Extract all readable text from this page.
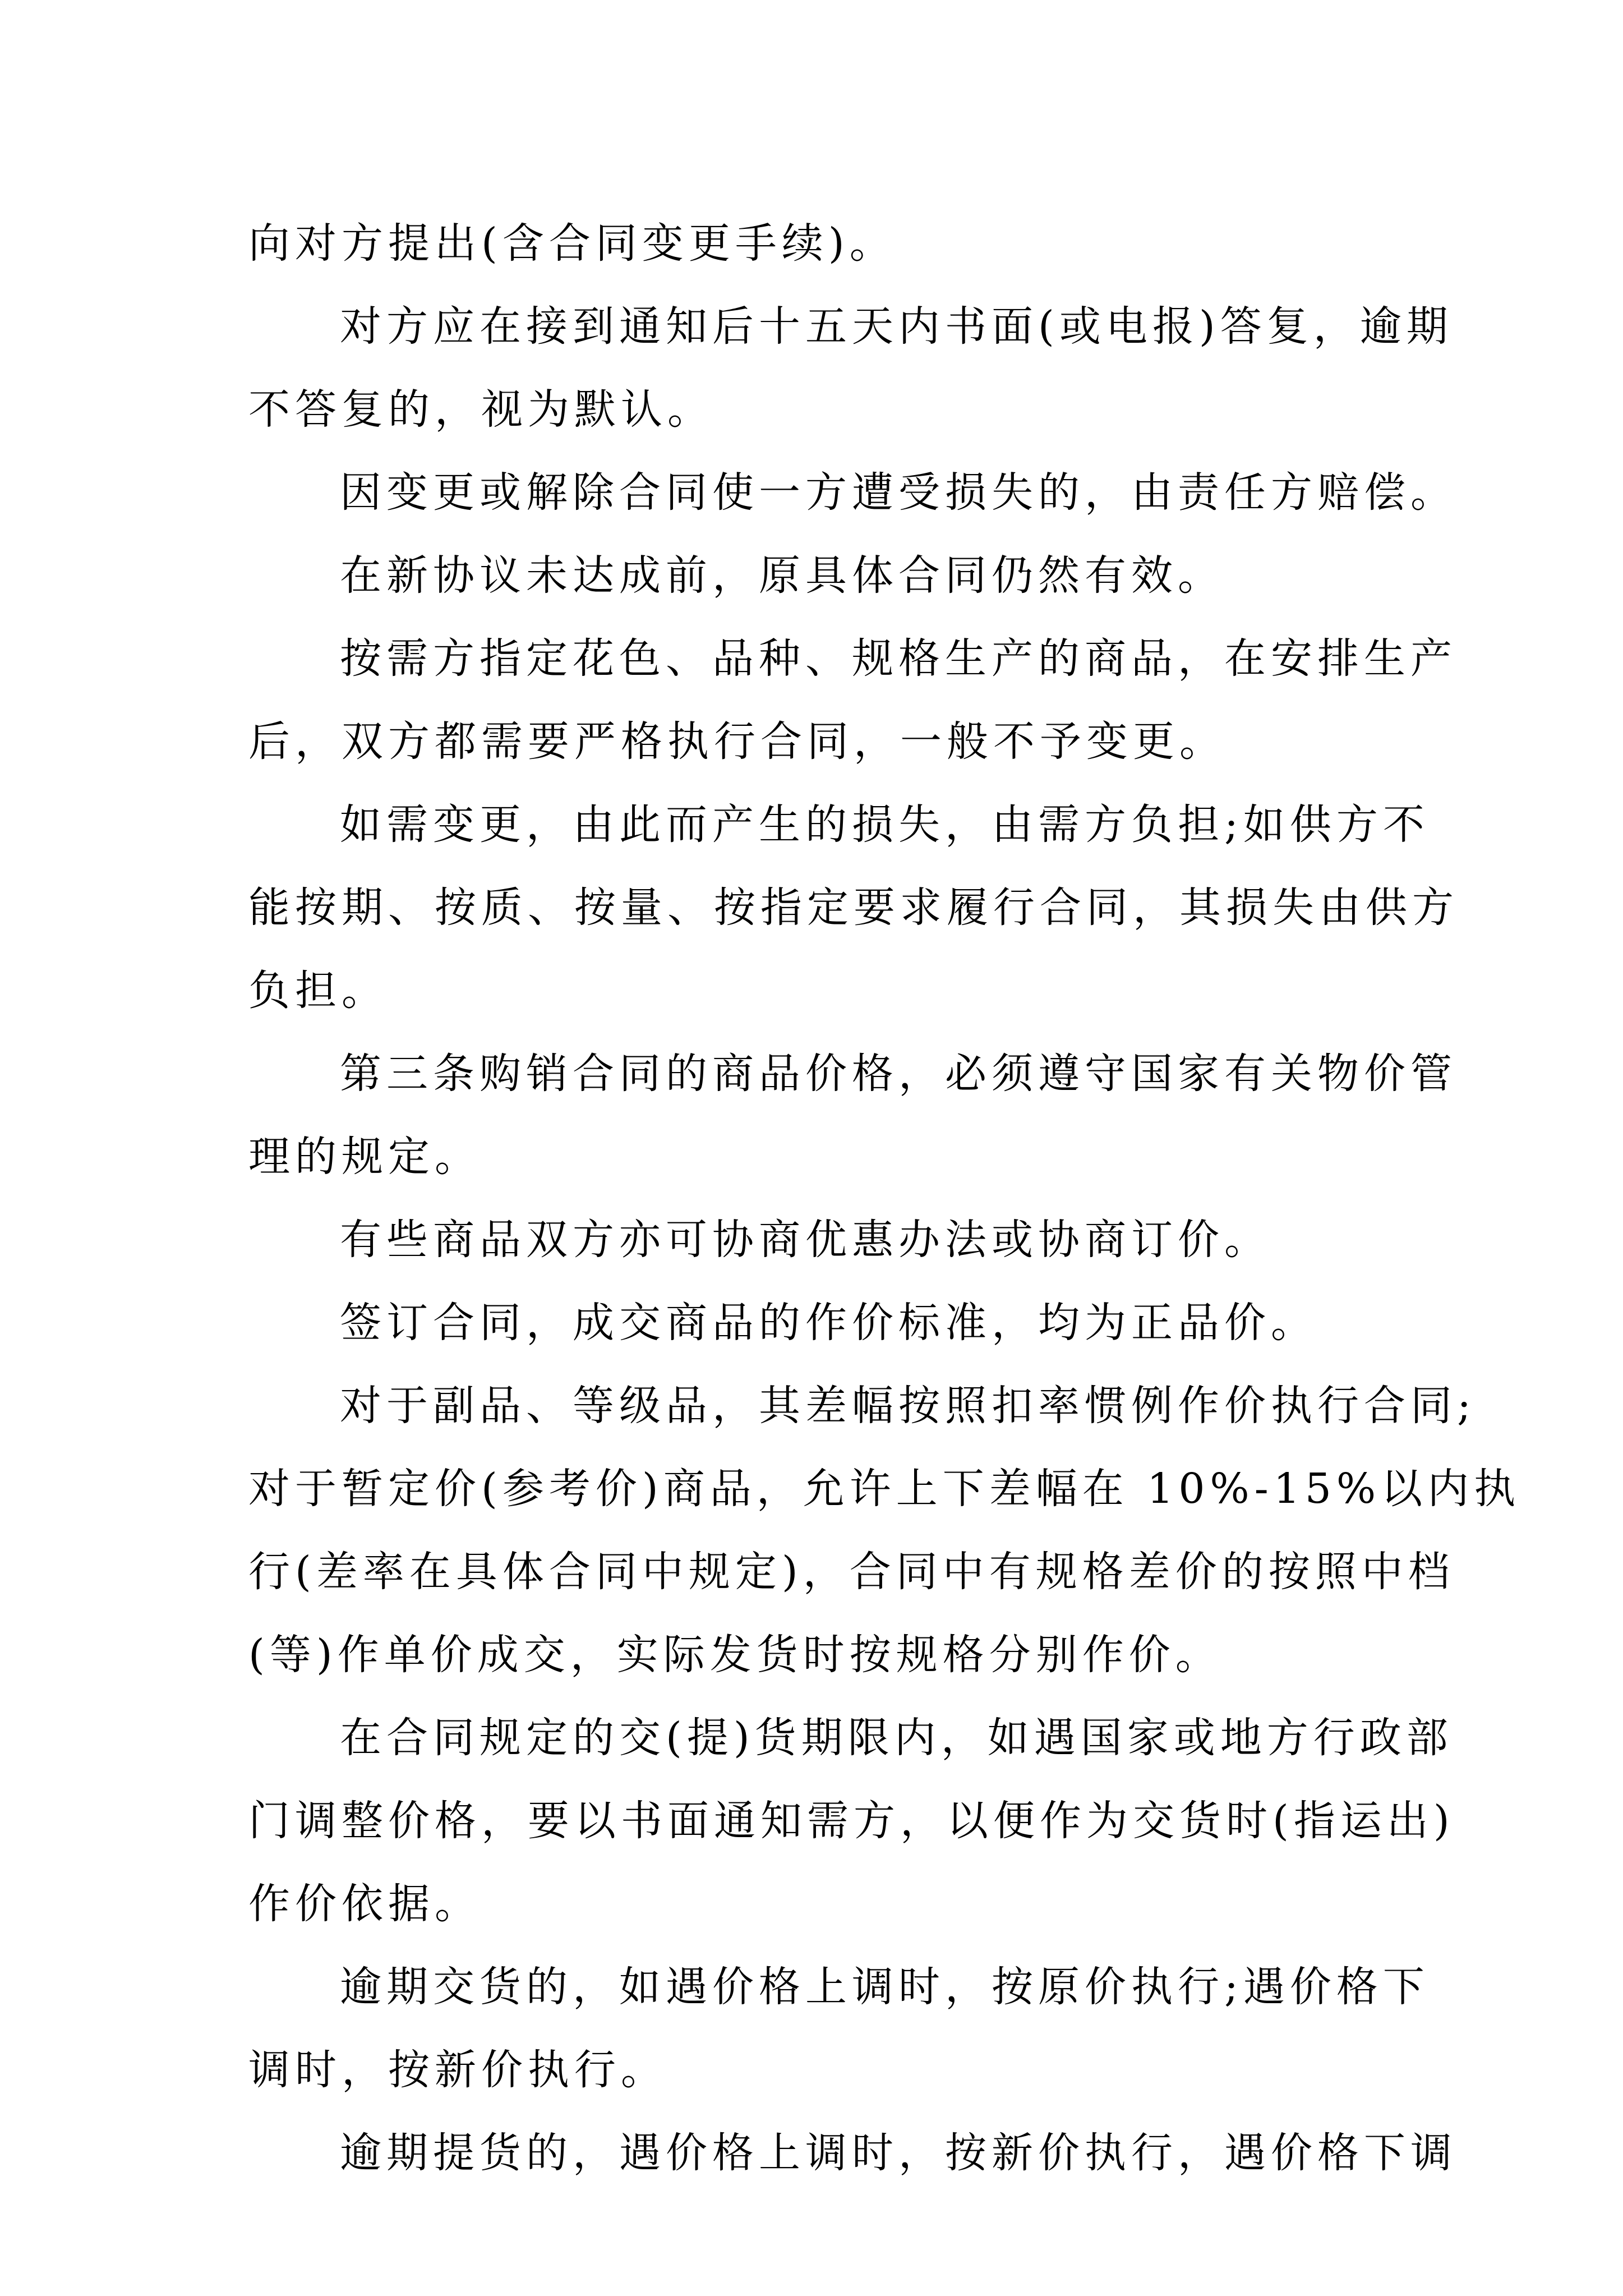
向对方提出(含合同变更手续)。
对方应在接到通知后十五天内书面(或电报)答复，逾期
不答复的，视为默认。
因变更或解除合同使一方遭受损失的，由责任方赔偿。
在新协议未达成前，原具体合同仍然有效。
按需方指定花色、品种、规格生产的商品，在安排生产
后，双方都需要严格执行合同，一般不予变更。
如需变更，由此而产生的损失，由需方负担;如供方不
能按期、按质、按量、按指定要求履行合同，其损失由供方
负担。
第三条购销合同的商品价格，必须遵守国家有关物价管
理的规定。
有些商品双方亦可协商优惠办法或协商订价。
签订合同，成交商品的作价标准，均为正品价。
对于副品、等级品，其差幅按照扣率惯例作价执行合同;
对于暂定价(参考价)商品，允许上下差幅在 10%-15%以内执
行(差率在具体合同中规定)，合同中有规格差价的按照中档
(等)作单价成交，实际发货时按规格分别作价。
在合同规定的交(提)货期限内，如遇国家或地方行政部
门调整价格，要以书面通知需方，以便作为交货时(指运出)
作价依据。
逾期交货的，如遇价格上调时，按原价执行;遇价格下
调时，按新价执行。
逾期提货的，遇价格上调时，按新价执行，遇价格下调
